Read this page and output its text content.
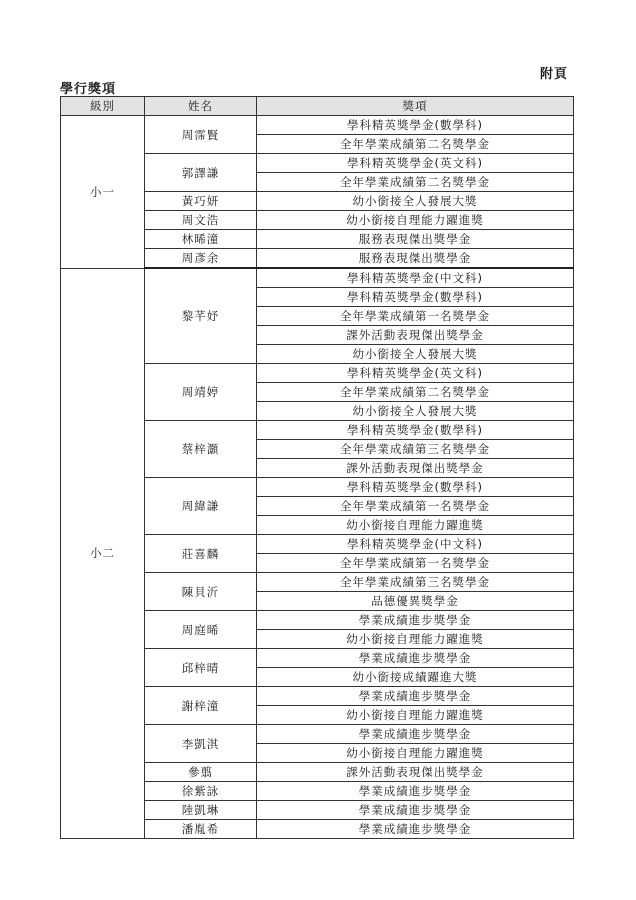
附頁
學行獎項
級別	姓名	獎項
小一	周霈賢	學科精英獎學金(數學科)
		全年學業成績第二名獎學金
	郭譯謙	學科精英獎學金(英文科)
		全年學業成績第二名獎學金
	黃巧妍	幼小銜接全人發展大獎
	周文浩	幼小銜接自理能力躍進獎
	林晞潼	服務表現傑出獎學金
	周彥余	服務表現傑出獎學金
小二	黎芊妤	學科精英獎學金(中文科)
		學科精英獎學金(數學科)
		全年學業成績第一名獎學金
		課外活動表現傑出獎學金
		幼小銜接全人發展大獎
	周靖婷	學科精英獎學金(英文科)
		全年學業成績第二名獎學金
		幼小銜接全人發展大獎
	蔡梓灝	學科精英獎學金(數學科)
		全年學業成績第三名獎學金
		課外活動表現傑出獎學金
	周緯謙	學科精英獎學金(數學科)
		全年學業成績第一名獎學金
		幼小銜接自理能力躍進獎
	莊喜麟	學科精英獎學金(中文科)
		全年學業成績第一名獎學金
	陳貝沂	全年學業成績第三名獎學金
		品德優異獎學金
	周庭晞	學業成績進步獎學金
		幼小銜接自理能力躍進獎
	邱梓晴	學業成績進步獎學金
		幼小銜接成績躍進大獎
	謝梓潼	學業成績進步獎學金
		幼小銜接自理能力躍進獎
	李凱淇	學業成績進步獎學金
		幼小銜接自理能力躍進獎
	參翦	課外活動表現傑出獎學金
	徐紫詠	學業成績進步獎學金
	陸凱琳	學業成績進步獎學金
	潘胤希	學業成績進步獎學金
